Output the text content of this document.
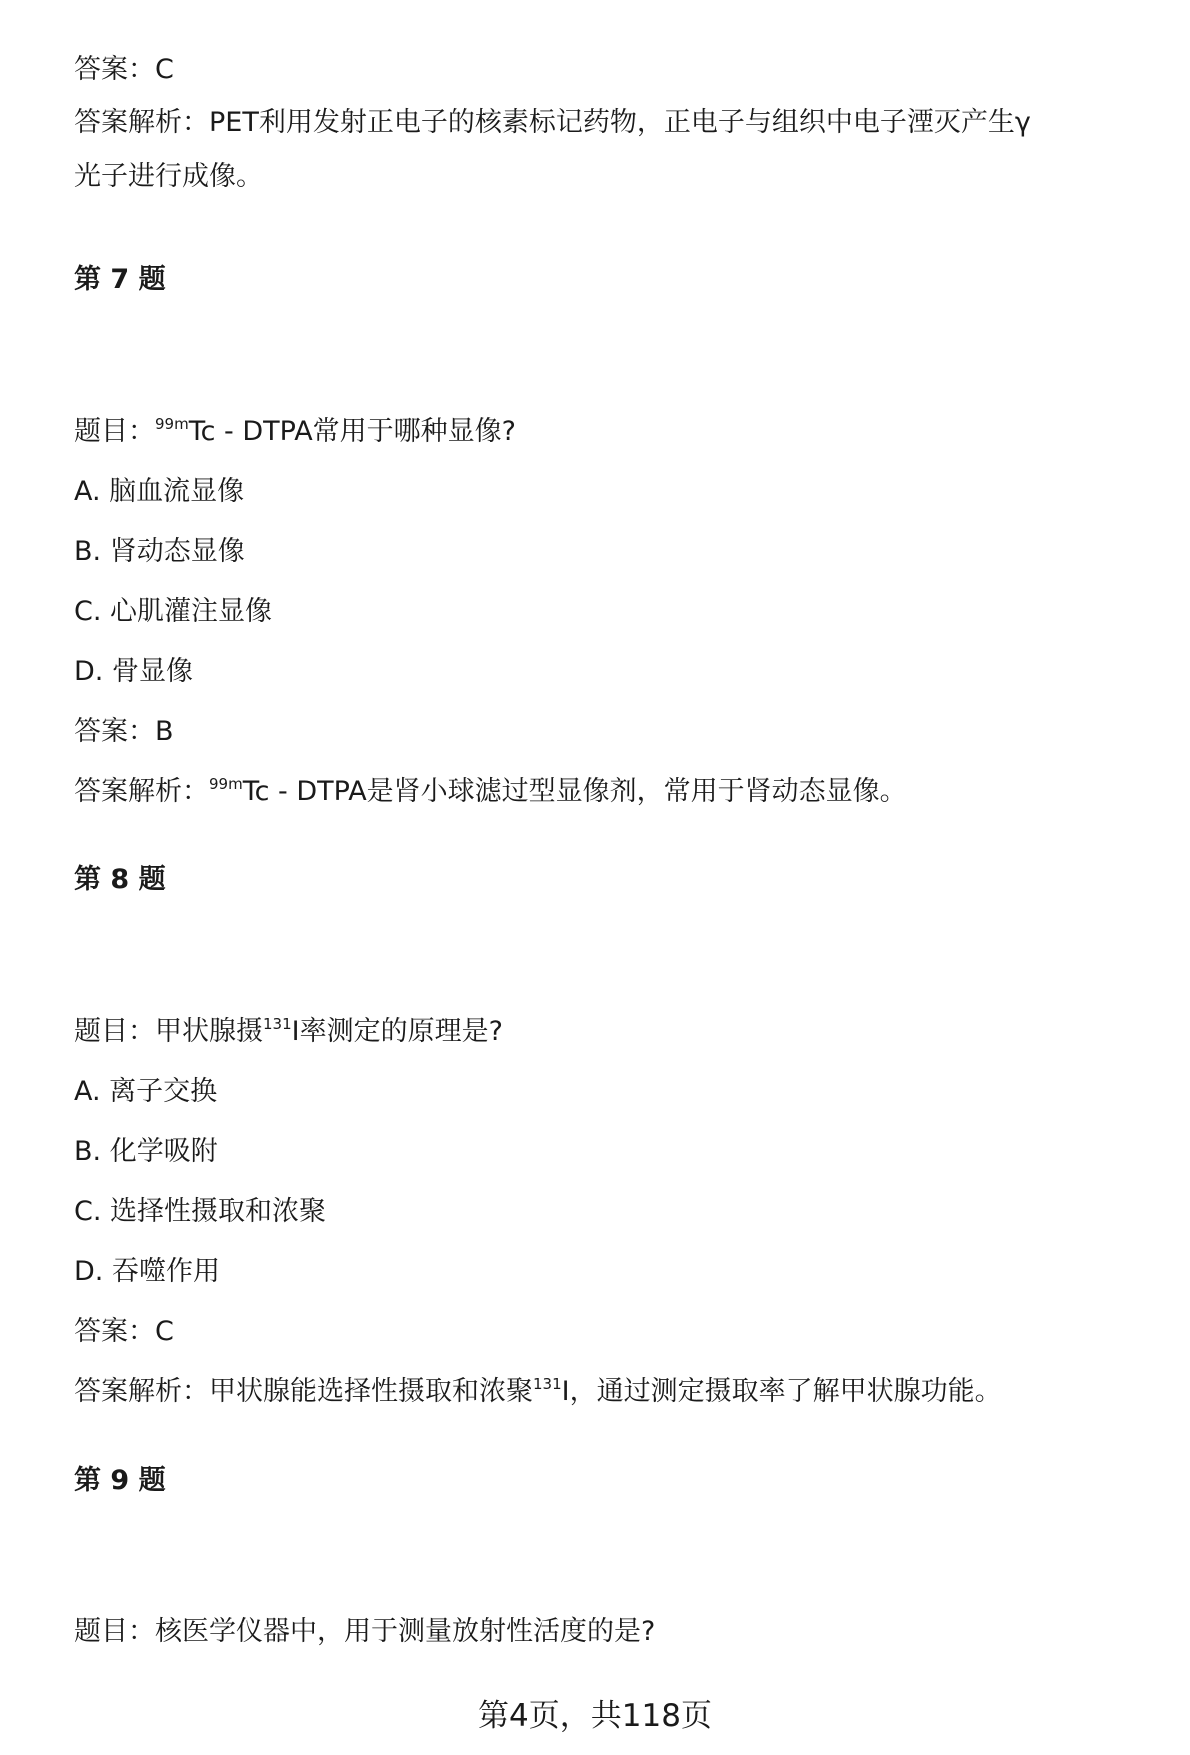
答案：C
答案解析：PET利用发射正电子的核素标记药物，正电子与组织中电子湮灭产生γ
光子进行成像。
第 7 题
题目：$^{99m}$Tc - DTPA常用于哪种显像?
A. 脑血流显像
B. 肾动态显像
C. 心肌灌注显像
D. 骨显像
答案：B
答案解析：$^{99m}$Tc - DTPA是肾小球滤过型显像剂，常用于肾动态显像。
第 8 题
题目：甲状腺摄$^{131}$I率测定的原理是?
A. 离子交换
B. 化学吸附
C. 选择性摄取和浓聚
D. 吞噬作用
答案：C
答案解析：甲状腺能选择性摄取和浓聚$^{131}$I，通过测定摄取率了解甲状腺功能。
第 9 题
题目：核医学仪器中，用于测量放射性活度的是?
第4页，共118页
